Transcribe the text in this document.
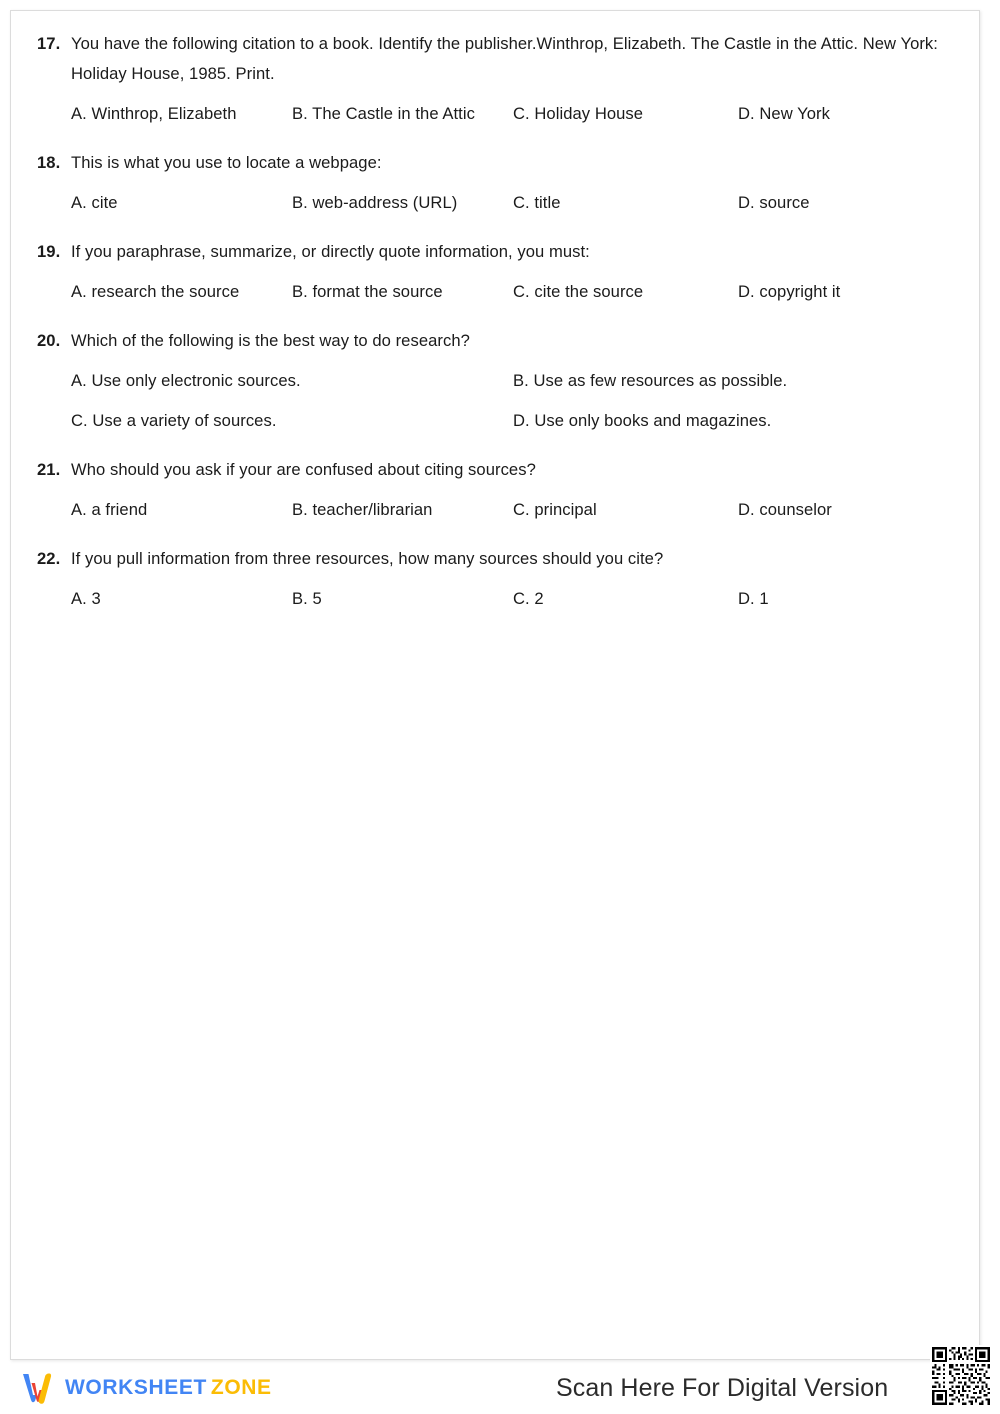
17. You have the following citation to a book. Identify the publisher.Winthrop, Elizabeth. The Castle in the Attic. New York: Holiday House, 1985. Print.
A. Winthrop, Elizabeth	B. The Castle in the Attic C. Holiday House	D. New York
18. This is what you use to locate a webpage:
A. cite	B. web-address (URL)	C. title	D. source
19. If you paraphrase, summarize, or directly quote information, you must:
A. research the source	B. format the source	C. cite the source	D. copyright it
20. Which of the following is the best way to do research?
A. Use only electronic sources.	B. Use as few resources as possible.
C. Use a variety of sources.	D. Use only books and magazines.
21. Who should you ask if your are confused about citing sources?
A. a friend	B. teacher/librarian	C. principal	D. counselor
22. If you pull information from three resources, how many sources should you cite?
A. 3	B. 5	C. 2	D. 1
WORKSHEET ZONE	Scan Here For Digital Version
